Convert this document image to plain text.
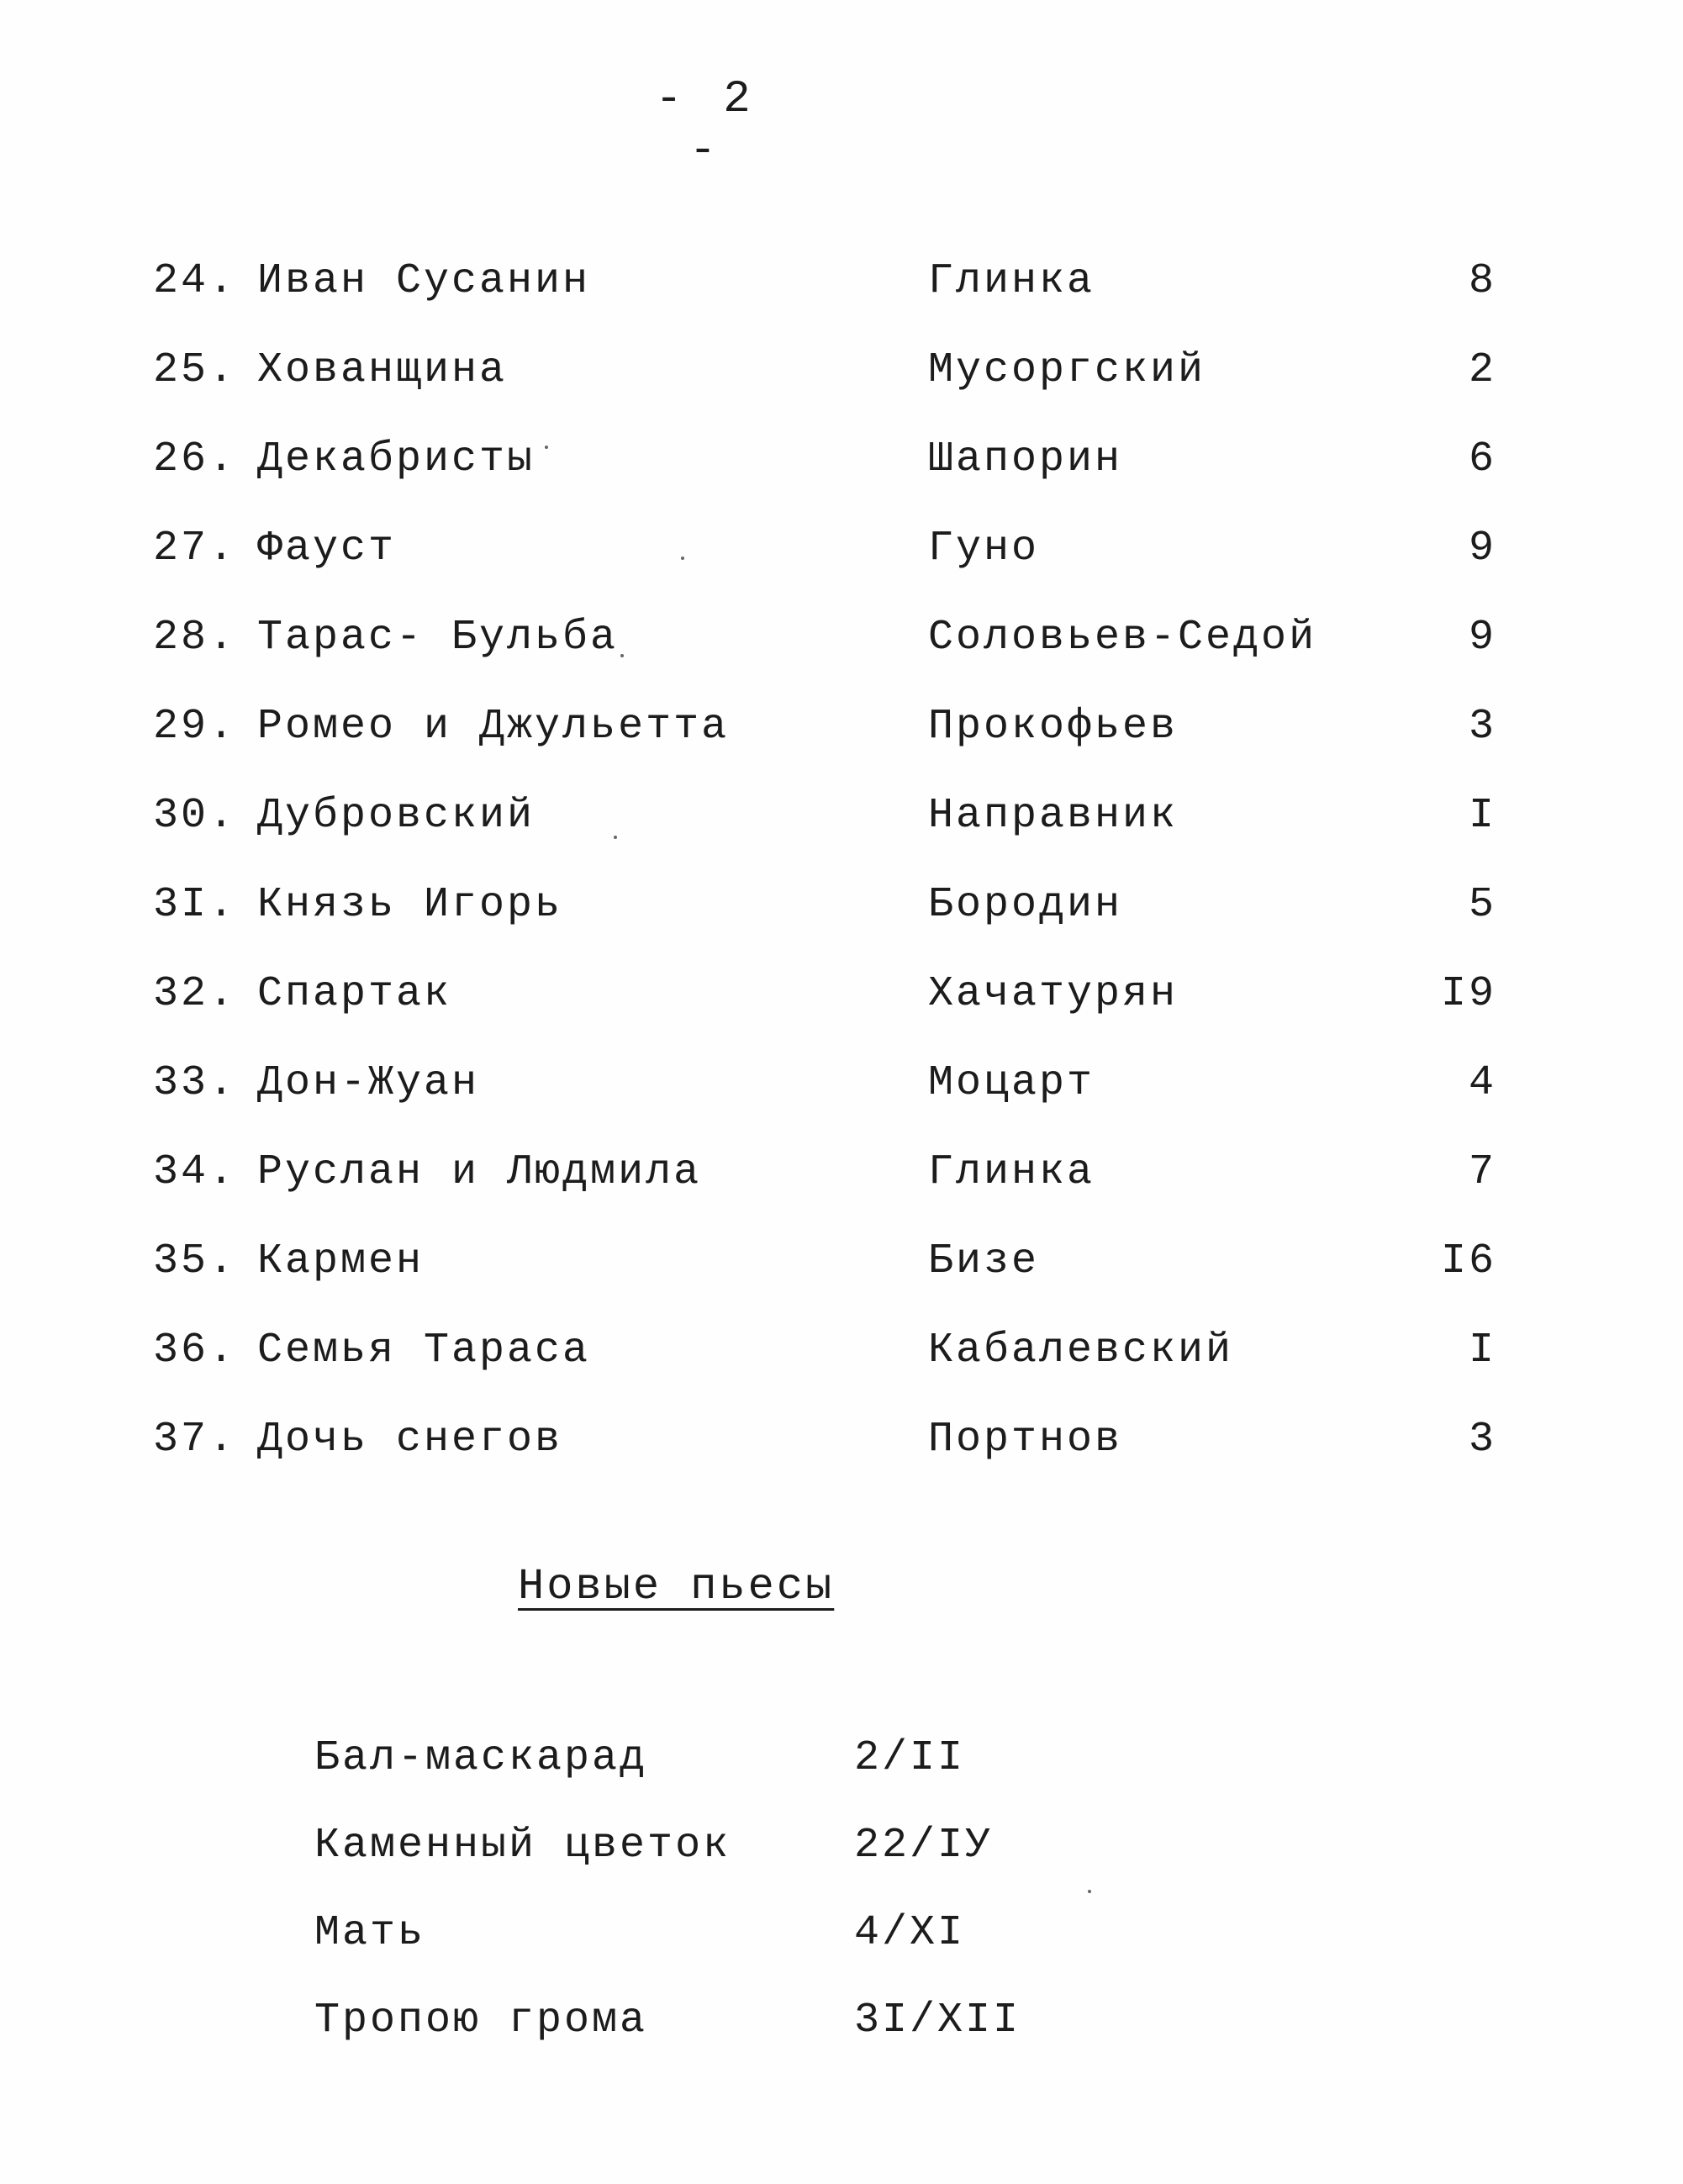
- 2 -
24. Иван Сусанин	Глинка	8
25. Хованщина	Мусоргский	2
26. Декабристы	Шапорин	6
27. Фауст	Гуно	9
28. Тарас- Бульба	Соловьев-Седой	9
29. Ромео и Джульетта	Прокофьев	3
30. Дубровский	Направник	I
3I. Князь Игорь	Бородин	5
32. Спартак	Хачатурян	I9
33. Дон-Жуан	Моцарт	4
34. Руслан и Людмила	Глинка	7
35. Кармен	Бизе	I6
36. Семья Тараса	Кабалевский	I
37. Дочь снегов	Портнов	3
Новые пьесы
Бал-маскарад	2/II
Каменный цветок	22/IУ
Мать	4/XI
Тропою грома	3I/XII
